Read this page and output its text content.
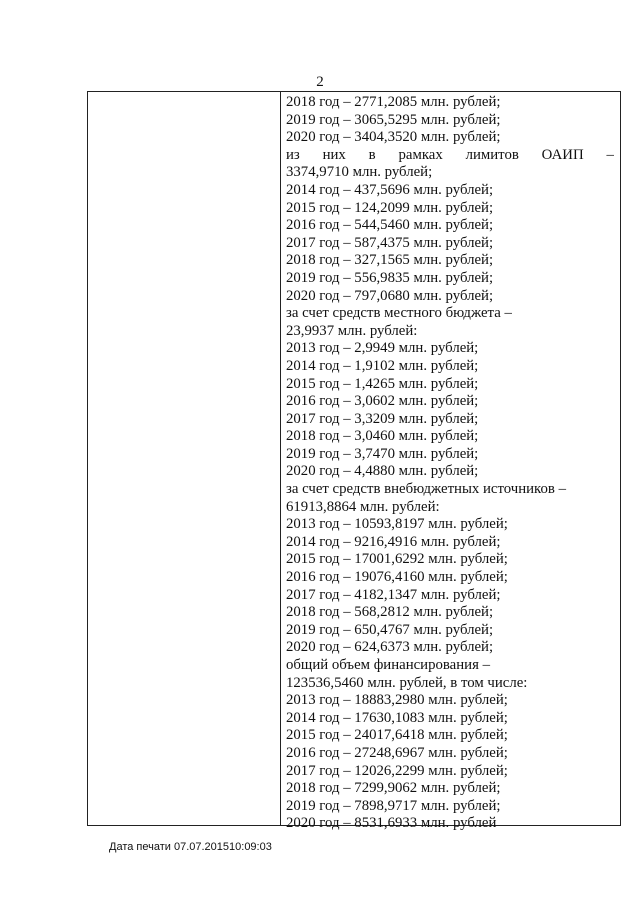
2
2018 год – 2771,2085 млн. рублей;
2019 год – 3065,5295 млн. рублей;
2020 год – 3404,3520 млн. рублей;
из них в рамках лимитов ОАИП –
3374,9710 млн. рублей;
2014 год – 437,5696 млн. рублей;
2015 год – 124,2099 млн. рублей;
2016 год – 544,5460 млн. рублей;
2017 год – 587,4375 млн. рублей;
2018 год – 327,1565 млн. рублей;
2019 год – 556,9835 млн. рублей;
2020 год – 797,0680 млн. рублей;
за счет средств местного бюджета –
23,9937 млн. рублей:
2013 год – 2,9949 млн. рублей;
2014 год – 1,9102 млн. рублей;
2015 год – 1,4265 млн. рублей;
2016 год – 3,0602 млн. рублей;
2017 год – 3,3209 млн. рублей;
2018 год – 3,0460 млн. рублей;
2019 год – 3,7470 млн. рублей;
2020 год – 4,4880 млн. рублей;
за счет средств внебюджетных источников –
61913,8864 млн. рублей:
2013 год – 10593,8197 млн. рублей;
2014 год – 9216,4916 млн. рублей;
2015 год – 17001,6292 млн. рублей;
2016 год – 19076,4160 млн. рублей;
2017 год – 4182,1347 млн. рублей;
2018 год – 568,2812 млн. рублей;
2019 год – 650,4767 млн. рублей;
2020 год – 624,6373 млн. рублей;
общий объем финансирования –
123536,5460 млн. рублей, в том числе:
2013 год – 18883,2980 млн. рублей;
2014 год – 17630,1083 млн. рублей;
2015 год – 24017,6418 млн. рублей;
2016 год – 27248,6967 млн. рублей;
2017 год – 12026,2299 млн. рублей;
2018 год – 7299,9062 млн. рублей;
2019 год – 7898,9717 млн. рублей;
2020 год – 8531,6933 млн. рублей
Дата печати 07.07.201510:09:03
